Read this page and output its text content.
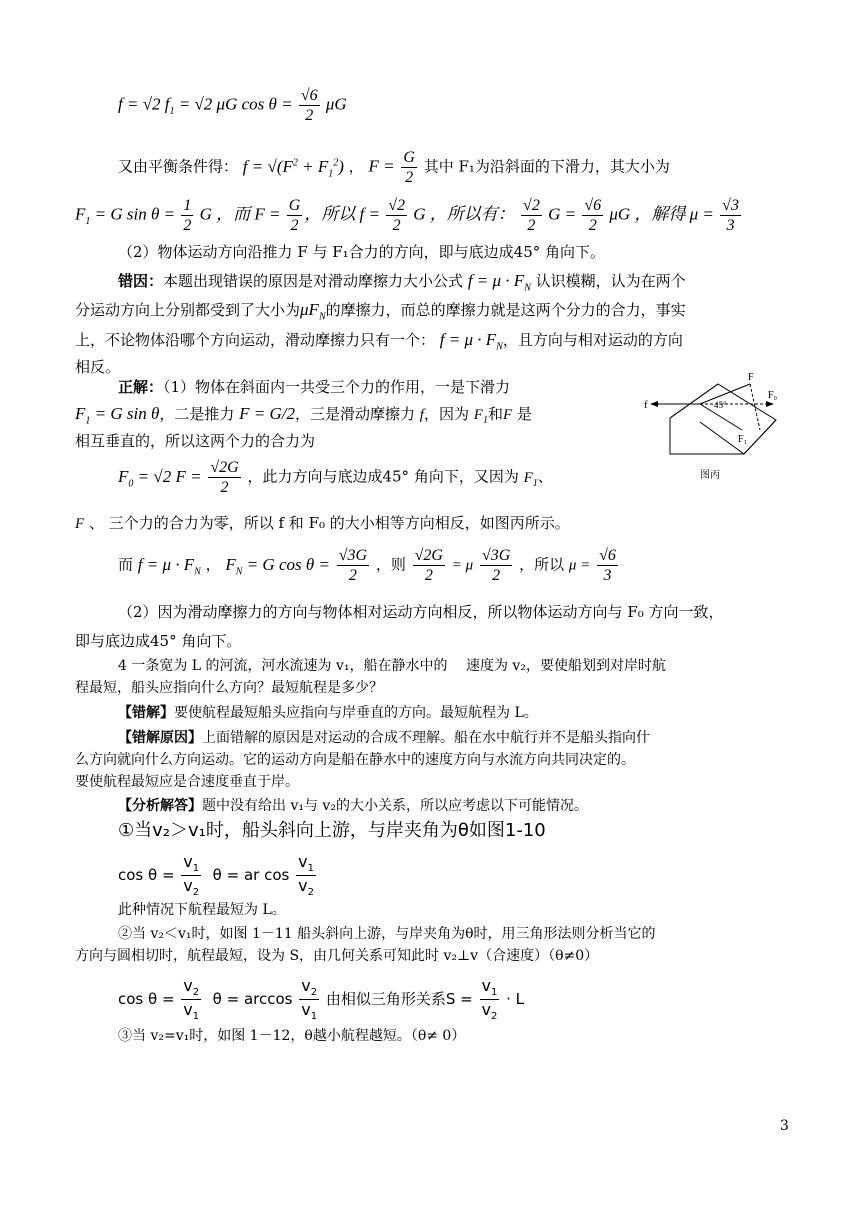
f = √2 $f_1 = √2$ μG $\cos \theta = \frac{√6}{2}$ μG
又由平衡条件得： $f = √(F^2 + F_1^2)$ ， $F = \frac{G}{2}$ 其中 F₁为沿斜面的下滑力，其大小为
$F_1 = G$ $\sin \theta = \frac{1}{2}$ G ，而 $F = \frac{G}{2}$ ，所以 $f = \frac{√2}{2}$ G ，所以有： $\frac{√2}{2}$ $G = \frac{√6}{2}$ μG ，解得 $\mu = \frac{√3}{3}$
（2）物体运动方向沿推力 F 与 F₁合力的方向，即与底边成45° 角向下。
错因：本题出现错误的原因是对滑动摩擦力大小公式 $f = \mu \cdot F_N$ 认识模糊，认为在两个
分运动方向上分别都受到了大小为$\mu F_N$的摩擦力，而总的摩擦力就是这两个分力的合力，事实
上，不论物体沿哪个方向运动，滑动摩擦力只有一个： $f = \mu \cdot F_N$，且方向与相对运动的方向
相反。
正解：（1）物体在斜面内一共受三个力的作用，一是下滑力
$F_1 = G$ sin θ，二是推力 F = G/2，三是滑动摩擦力 f，因为 $F_1$和F 是
相互垂直的，所以这两个力的合力为
$F_0 = √2$ $F = \frac{√2G}{2}$ ，此力方向与底边成45° 角向下，又因为 $F_1$、
F 、 三个力的合力为零，所以 f 和 F₀ 的大小相等方向相反，如图丙所示。
而 $f = \mu \cdot F_N$ ， $F_N = G$ $\cos \theta = \frac{√3G}{2}$ ，则 $\frac{√2G}{2} = \mu \frac{√3G}{2}$ ，所以 $\mu = \frac{√6}{3}$
（2）因为滑动摩擦力的方向与物体相对运动方向相反，所以物体运动方向与 F₀ 方向一致，
即与底边成45° 角向下。
f
F
F₀
F₁
45°
图丙
4 一条宽为 L 的河流，河水流速为 v₁，船在静水中的　 速度为 v₂，要使船划到对岸时航
程最短，船头应指向什么方向？最短航程是多少？
【错解】要使航程最短船头应指向与岸垂直的方向。最短航程为 L。
【错解原因】上面错解的原因是对运动的合成不理解。船在水中航行并不是船头指向什
么方向就向什么方向运动。它的运动方向是船在静水中的速度方向与水流方向共同决定的。
要使航程最短应是合速度垂直于岸。
【分析解答】题中没有给出 v₁与 v₂的大小关系，所以应考虑以下可能情况。
①当v₂＞v₁时，船头斜向上游，与岸夹角为θ如图1-10
$\cos \theta = \frac{v_1}{v_2}$ θ = ar $\cos \frac{v_1}{v_2}$
此种情况下航程最短为 L。
②当 v₂＜v₁时，如图 1－11 船头斜向上游，与岸夹角为θ时，用三角形法则分析当它的
方向与圆相切时，航程最短，设为 S，由几何关系可知此时 v₂⊥v（合速度）（θ≠0）
$\cos \theta = \frac{v_2}{v_1}$ $\theta = \arccos \frac{v_2}{v_1}$ 由相似三角形关系$S = \frac{v_1}{v_2} \cdot L$
③当 v₂=v₁时，如图 1－12，θ越小航程越短。（θ≠ 0）
3
